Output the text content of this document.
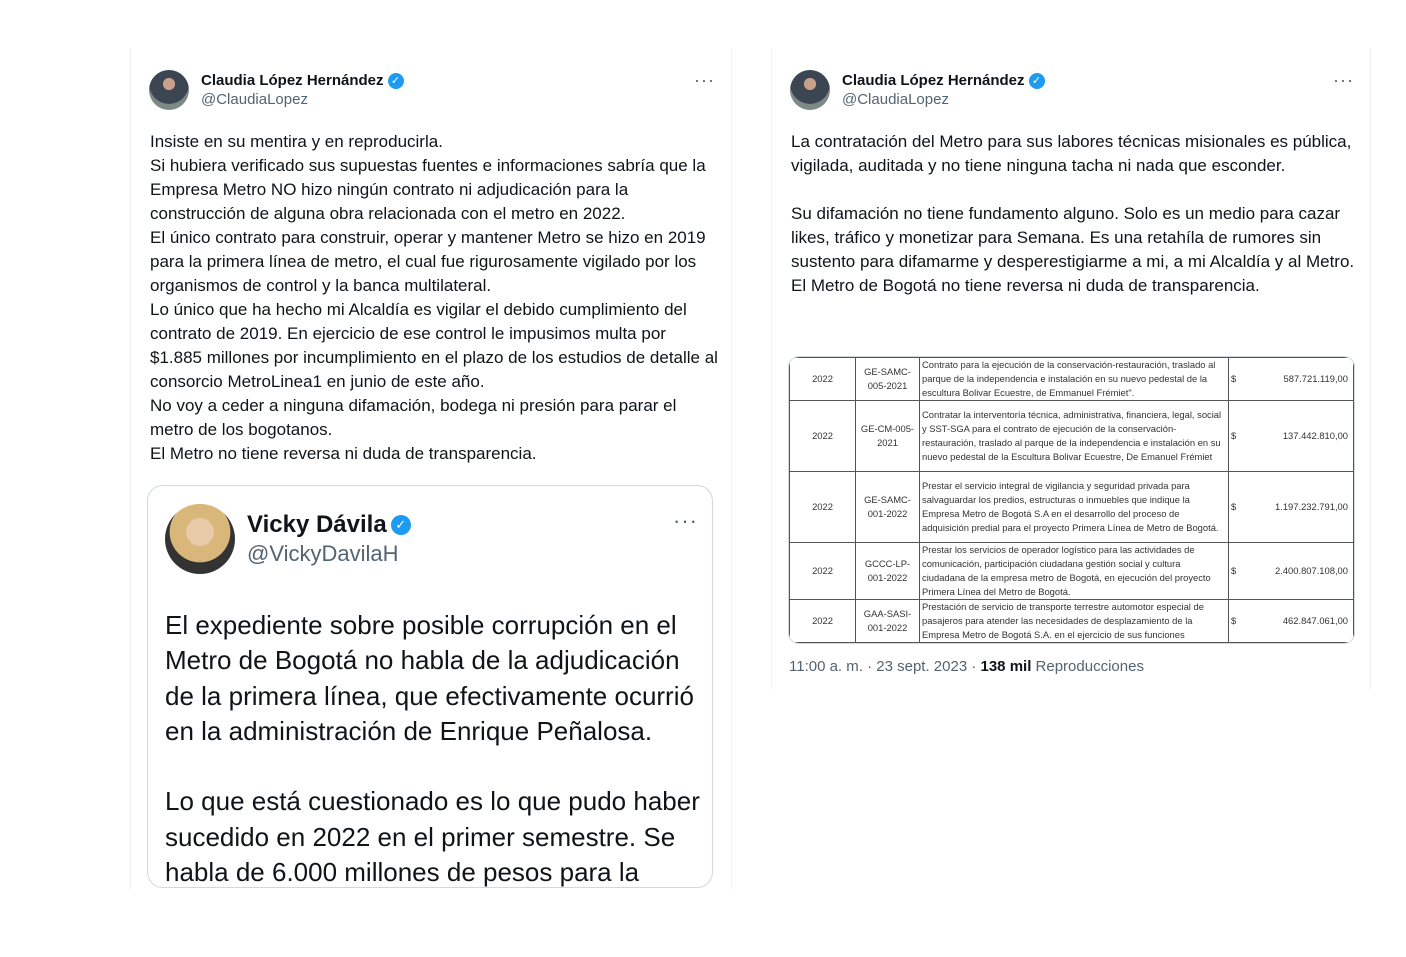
Claudia López Hernández ✓
@ClaudiaLopez
···
Insiste en su mentira y en reproducirla.
Si hubiera verificado sus supuestas fuentes e informaciones sabría que la Empresa Metro NO hizo ningún contrato ni adjudicación para la construcción de alguna obra relacionada con el metro en 2022.
El único contrato para construir, operar y mantener Metro se hizo en 2019 para la primera línea de metro, el cual fue rigurosamente vigilado por los organismos de control y la banca multilateral.
Lo único que ha hecho mi Alcaldía es vigilar el debido cumplimiento del contrato de 2019. En ejercicio de ese control le impusimos multa por $1.885 millones por incumplimiento en el plazo de los estudios de detalle al consorcio MetroLinea1 en junio de este año.
No voy a ceder a ninguna difamación, bodega ni presión para parar el metro de los bogotanos.
El Metro no tiene reversa ni duda de transparencia.
Vicky Dávila ✓
@VickyDavilaH
···
El expediente sobre posible corrupción en el Metro de Bogotá no habla de la adjudicación de la primera línea, que efectivamente ocurrió en la administración de Enrique Peñalosa.

Lo que está cuestionado es lo que pudo haber sucedido en 2022 en el primer semestre. Se habla de 6.000 millones de pesos para la
Claudia López Hernández ✓
@ClaudiaLopez
···
La contratación del Metro para sus labores técnicas misionales es pública, vigilada, auditada y no tiene ninguna tacha ni nada que esconder.

Su difamación no tiene fundamento alguno. Solo es un medio para cazar likes, tráfico y monetizar para Semana. Es una retahíla de rumores sin sustento para difamarme y desperestigiarme a mi, a mi Alcaldía y al Metro.
El Metro de Bogotá no tiene reversa ni duda de transparencia.
2022	GE-SAMC-005-2021	Contrato para la ejecución de la conservación-restauración, traslado al parque de la independencia e instalación en su nuevo pedestal de la escultura Bolivar Ecuestre, de Emmanuel Frémiet".	$	587.721.119,00
2022	GE-CM-005-2021	Contratar la interventoría técnica, administrativa, financiera, legal, social y SST-SGA para el contrato de ejecución de la conservación-restauración, traslado al parque de la independencia e instalación en su nuevo pedestal de la Escultura Bolivar Ecuestre, De Emanuel Frémiet	$	137.442.810,00
2022	GE-SAMC-001-2022	Prestar el servicio integral de vigilancia y seguridad privada para salvaguardar los predios, estructuras o inmuebles que indique la Empresa Metro de Bogotá S.A en el desarrollo del proceso de adquisición predial para el proyecto Primera Línea de Metro de Bogotá.	$	1.197.232.791,00
2022	GCCC-LP-001-2022	Prestar los servicios de operador logístico para las actividades de comunicación, participación ciudadana gestión social y cultura ciudadana de la empresa metro de Bogotá, en ejecución del proyecto Primera Línea del Metro de Bogotá.	$	2.400.807.108,00
2022	GAA-SASI-001-2022	Prestación de servicio de transporte terrestre automotor especial de pasajeros para atender las necesidades de desplazamiento de la Empresa Metro de Bogotá S.A. en el ejercicio de sus funciones	$	462.847.061,00
11:00 a. m. · 23 sept. 2023 · 138 mil Reproducciones
